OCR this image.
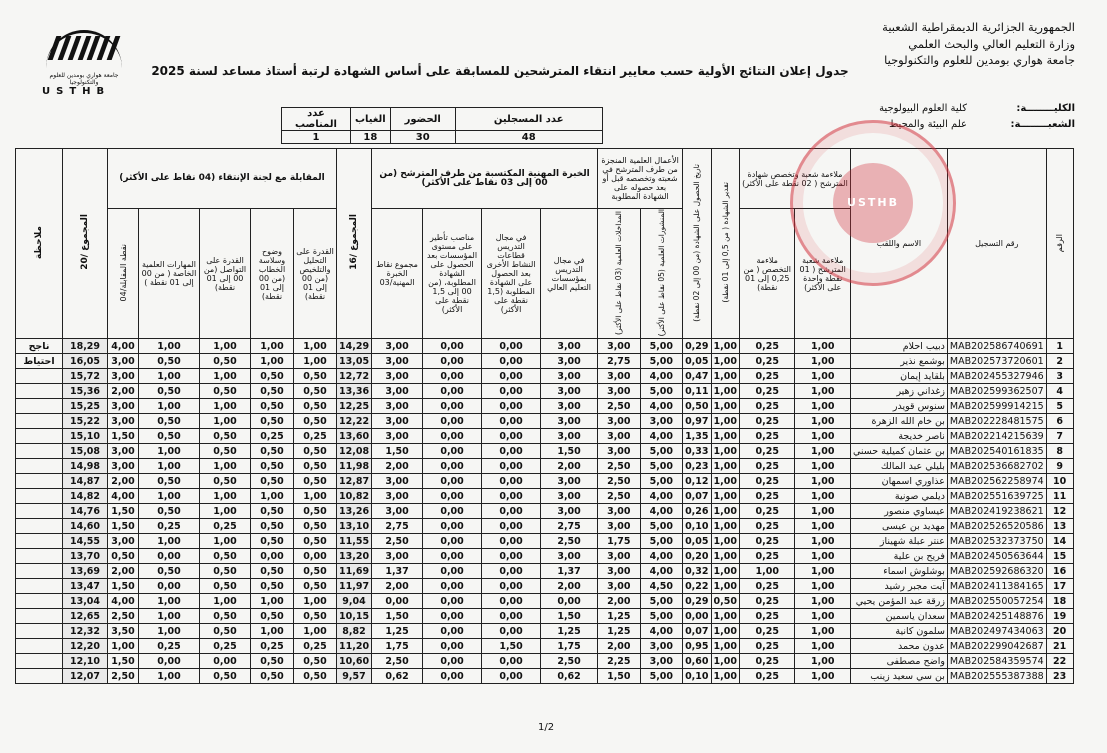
جامعة هواري بومدين للعلوم والتكنولوجيا
USTHB
الجمهورية الجزائرية الديمقراطية الشعبية
وزارة التعليم العالي والبحث العلمي
جامعة هواري بومدين للعلوم والتكنولوجيا
جدول إعلان النتائج الأولية حسب معايير انتقاء المترشحين للمسابقة على أساس الشهادة لرتبة أستاذ مساعد لسنة 2025
الكليــــــــة:
كلية العلوم البيولوجية
الشعبــــــــة:
علم البيئة والمحيط
عدد المسجلين	الحضور	الغياب	عدد المناصب
48	30	18	1
الرقم	رقم التسجيل	الاسم واللقب	ملاءمة شعبة وتخصص شهادة المترشح ( 02 نقطة على الأكثر)		تقدير الشهادة ( من 0,5 إلى 01 نقطة)	تاريخ الحصول على الشهادة (من 00 إلى 02 نقطة)	الأعمال العلمية المنجزة من طرف المترشح في شعبته وتخصصه قبل أو بعد حصوله على الشهادة المطلوبة		الخبرة المهنية المكتسبة من طرف المترشح (من 00 إلى 03 نقاط على الأكثر)				المجموع /16	المقابلة مع لجنة الإنتقاء (04 نقاط على الأكثر)					المجموع /20	ملاحظة
			ملاءمة شعبة المترشح ( 01 نقطة واحدة على الأكثر)	ملاءمة التخصص ( من 0,25 إلى 01 نقطة)			المنشورات العلمية (05 نقاط على الأكثر)	المداخلات العلمية (03 نقاط على الأكثر)	في مجال التدريس بمؤسسات التعليم العالي	في مجال التدريس قطاعات النشاط الأخرى بعد الحصول على الشهادة المطلوبة (1,5 نقطة على الأكثر)	مناصب تأطير على مستوى المؤسسات بعد الحصول على الشهادة المطلوبة، (من 00 إلى 1,5 نقطة على الأكثر)	مجموع نقاط الخبرة المهنية/03		القدرة على التحليل والتلخيص (من 00 إلى 01 نقطة)	وضوح وسلاسة الخطاب (من 00 إلى 01 نقطة)	القدرة على التواصل (من 00 إلى 01 نقطة)	المهارات العلمية الخاصة ( من 00 إلى 01 نقطة )	نقطة المقابلة/04		
1	MAB202586740691	دبيب احلام	1,00	0,25	1,00	0,29	5,00	3,00	3,00	0,00	0,00	3,00	14,29	1,00	1,00	1,00	1,00	4,00	18,29	ناجح
2	MAB202573720601	بوشمع نذير	1,00	0,25	1,00	0,05	5,00	2,75	3,00	0,00	0,00	3,00	13,05	1,00	1,00	0,50	0,50	3,00	16,05	احتياط
3	MAB202455327946	بلقايد إيمان	1,00	0,25	1,00	0,47	4,00	3,00	3,00	0,00	0,00	3,00	12,72	0,50	0,50	1,00	1,00	3,00	15,72	
4	MAB202599362507	زغداني زهير	1,00	0,25	1,00	0,11	5,00	3,00	3,00	0,00	0,00	3,00	13,36	0,50	0,50	0,50	0,50	2,00	15,36	
5	MAB202599914215	سنوس قويدر	1,00	0,25	1,00	0,50	4,00	2,50	3,00	0,00	0,00	3,00	12,25	0,50	0,50	1,00	1,00	3,00	15,25	
6	MAB202228481575	بن خام الله الزهرة	1,00	0,25	1,00	0,97	3,00	3,00	3,00	0,00	0,00	3,00	12,22	0,50	0,50	1,00	0,50	3,00	15,22	
7	MAB202214215639	ناصر خديجة	1,00	0,25	1,00	1,35	4,00	3,00	3,00	0,00	0,00	3,00	13,60	0,25	0,25	0,50	0,50	1,50	15,10	
8	MAB202540161835	بن عثمان كميلية حسني	1,00	0,25	1,00	0,33	5,00	3,00	1,50	0,00	0,00	1,50	12,08	0,50	0,50	0,50	1,00	3,00	15,08	
9	MAB202536682702	بليلي عبد المالك	1,00	0,25	1,00	0,23	5,00	2,50	2,00	0,00	0,00	2,00	11,98	0,50	0,50	1,00	1,00	3,00	14,98	
10	MAB202562258974	عذاوري اسمهان	1,00	0,25	1,00	0,12	5,00	2,50	3,00	0,00	0,00	3,00	12,87	0,50	0,50	0,50	0,50	2,00	14,87	
11	MAB202551639725	ديلمي صونية	1,00	0,25	1,00	0,07	4,00	2,50	3,00	0,00	0,00	3,00	10,82	1,00	1,00	1,00	1,00	4,00	14,82	
12	MAB202419238621	عيساوي منصور	1,00	0,25	1,00	0,26	4,00	3,00	3,00	0,00	0,00	3,00	13,26	0,50	0,50	1,00	0,50	1,50	14,76	
13	MAB202526520586	مهديد بن عيسى	1,00	0,25	1,00	0,10	5,00	3,00	2,75	0,00	0,00	2,75	13,10	0,50	0,50	0,25	0,25	1,50	14,60	
14	MAB202532373750	عنتر عبلة شهيناز	1,00	0,25	1,00	0,05	5,00	1,75	2,50	0,00	0,00	2,50	11,55	0,50	0,50	1,00	1,00	3,00	14,55	
15	MAB202450563644	فريح بن علية	1,00	0,25	1,00	0,20	4,00	3,00	3,00	0,00	0,00	3,00	13,20	0,00	0,00	0,50	0,00	0,50	13,70	
16	MAB202592686320	بوشلوش اسماء	1,00	1,00	1,00	0,32	4,00	3,00	1,37	0,00	0,00	1,37	11,69	0,50	0,50	0,50	0,50	2,00	13,69	
17	MAB202411384165	آيت مجبر رشيد	1,00	0,25	1,00	0,22	4,50	3,00	2,00	0,00	0,00	2,00	11,97	0,50	0,50	0,50	0,00	1,50	13,47	
18	MAB202550057254	زرقة عبد المؤمن يحيي	1,00	0,25	0,50	0,29	5,00	2,00	0,00	0,00	0,00	0,00	9,04	1,00	1,00	1,00	1,00	4,00	13,04	
19	MAB202425148876	سعدان ياسمين	1,00	0,25	1,00	0,00	5,00	1,25	1,50	0,00	0,00	1,50	10,15	0,50	0,50	0,50	1,00	2,50	12,65	
20	MAB202497434063	سلمون كانية	1,00	0,25	1,00	0,07	4,00	1,25	1,25	0,00	0,00	1,25	8,82	1,00	1,00	0,50	1,00	3,50	12,32	
21	MAB202299042687	عدون محمد	1,00	0,25	1,00	0,95	3,00	2,00	1,75	1,50	0,00	1,75	11,20	0,25	0,25	0,25	0,25	1,00	12,20	
22	MAB202584359574	واضح مصطفى	1,00	0,25	1,00	0,60	3,00	2,25	2,50	0,00	0,00	2,50	10,60	0,50	0,50	0,00	0,00	1,50	12,10	
23	MAB202555387388	بن سي سعيد زينب	1,00	0,25	1,00	0,10	5,00	1,50	0,62	0,00	0,00	0,62	9,57	0,50	0,50	0,50	1,00	2,50	12,07	
USTHB
1/2
